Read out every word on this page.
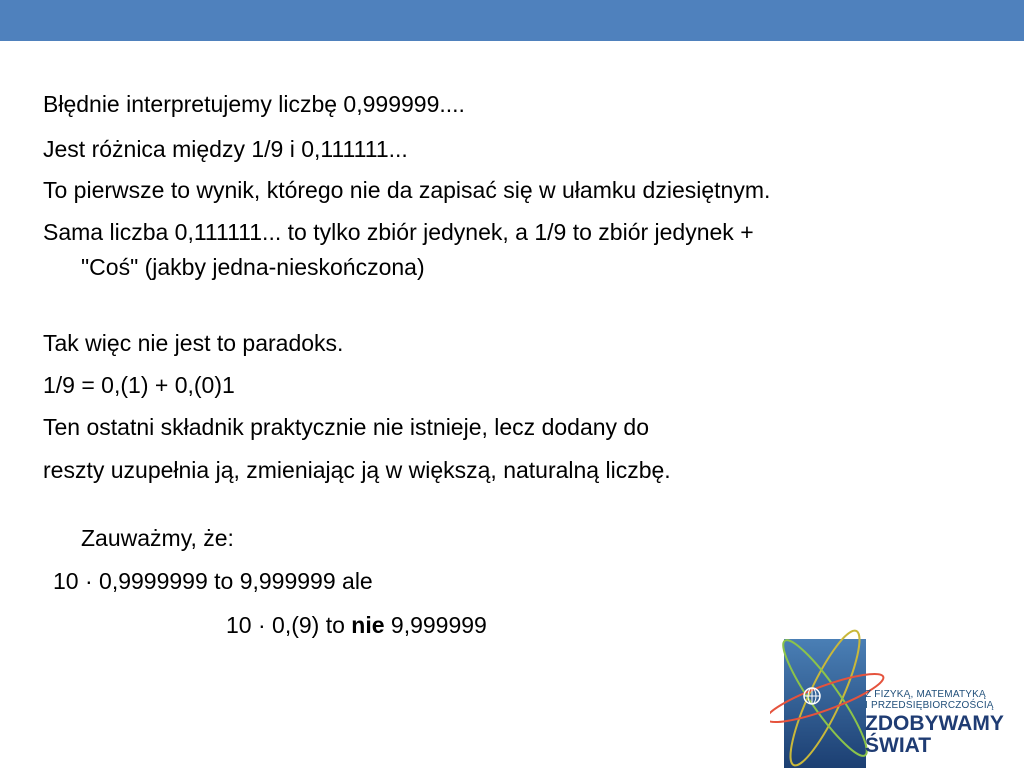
Błędnie interpretujemy liczbę 0,999999....
Jest różnica między 1/9 i 0,111111...
To pierwsze to wynik, którego nie da zapisać się w ułamku dziesiętnym.
Sama liczba 0,111111... to tylko zbiór jedynek, a 1/9 to zbiór jedynek +
"Coś" (jakby jedna-nieskończona)
Tak więc nie jest to paradoks.
1/9 = 0,(1) + 0,(0)1
Ten ostatni składnik praktycznie nie istnieje, lecz dodany do
reszty uzupełnia ją, zmieniając ją w większą, naturalną liczbę.
Zauważmy, że:
10 · 0,9999999 to 9,999999 ale
10 · 0,(9) to nie 9,999999
Z FIZYKĄ, MATEMATYKĄ
I PRZEDSIĘBIORCZOŚCIĄ
ZDOBYWAMY
ŚWIAT
